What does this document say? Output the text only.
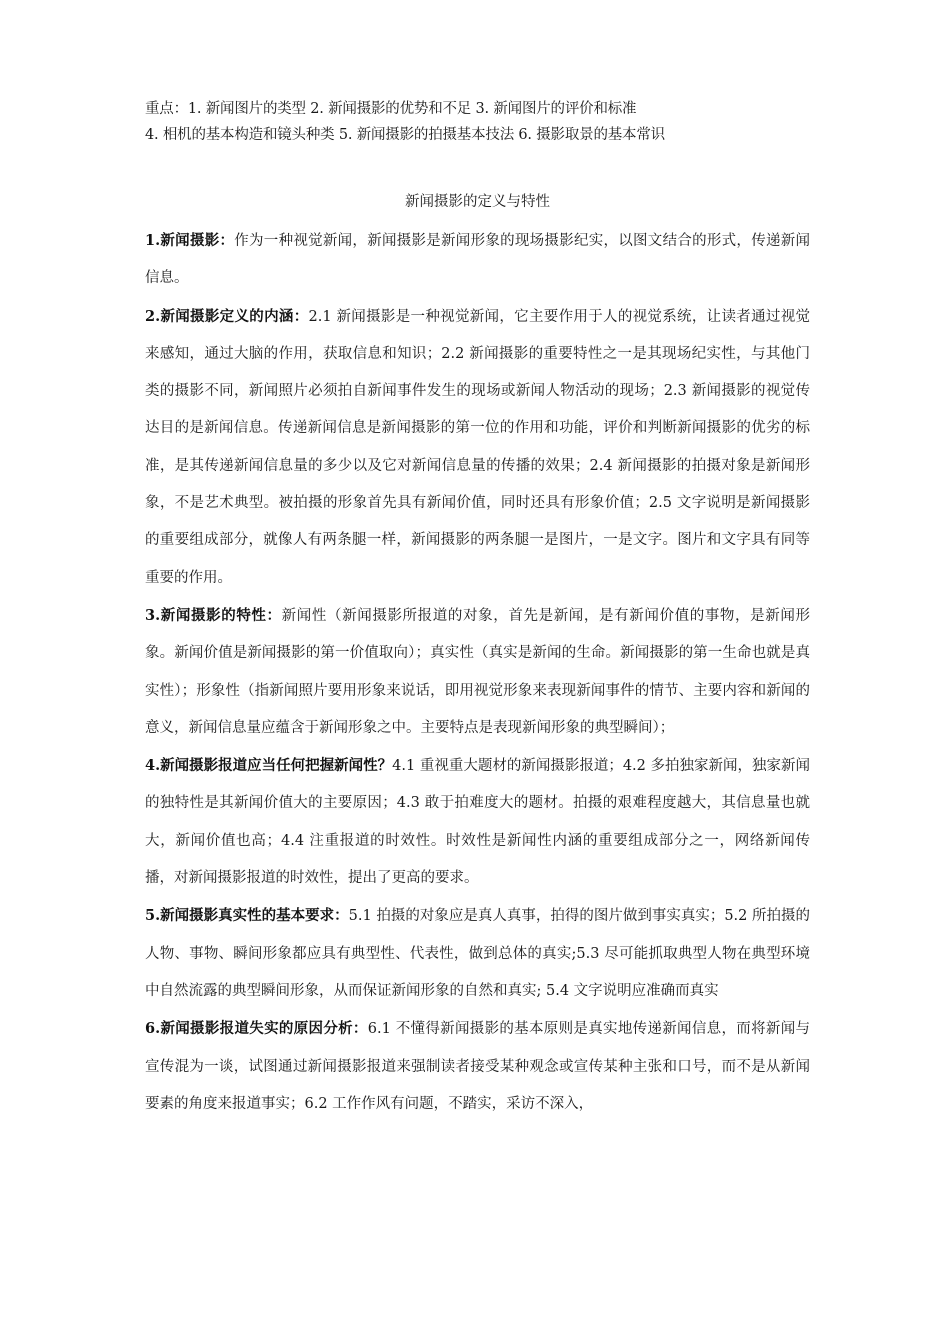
重点：1. 新闻图片的类型 2. 新闻摄影的优势和不足 3. 新闻图片的评价和标准

4. 相机的基本构造和镜头种类 5. 新闻摄影的拍摄基本技法 6. 摄影取景的基本常识

新闻摄影的定义与特性

1.新闻摄影：作为一种视觉新闻，新闻摄影是新闻形象的现场摄影纪实，以图文结合的形式，传递新闻信息。

2.新闻摄影定义的内涵：2.1 新闻摄影是一种视觉新闻，它主要作用于人的视觉系统，让读者通过视觉来感知，通过大脑的作用，获取信息和知识；2.2 新闻摄影的重要特性之一是其现场纪实性，与其他门类的摄影不同，新闻照片必须拍自新闻事件发生的现场或新闻人物活动的现场；2.3 新闻摄影的视觉传达目的是新闻信息。传递新闻信息是新闻摄影的第一位的作用和功能，评价和判断新闻摄影的优劣的标准，是其传递新闻信息量的多少以及它对新闻信息量的传播的效果；2.4 新闻摄影的拍摄对象是新闻形象，不是艺术典型。被拍摄的形象首先具有新闻价值，同时还具有形象价值；2.5 文字说明是新闻摄影的重要组成部分，就像人有两条腿一样，新闻摄影的两条腿一是图片，一是文字。图片和文字具有同等重要的作用。

3.新闻摄影的特性：新闻性（新闻摄影所报道的对象，首先是新闻，是有新闻价值的事物，是新闻形象。新闻价值是新闻摄影的第一价值取向）；真实性（真实是新闻的生命。新闻摄影的第一生命也就是真实性）；形象性（指新闻照片要用形象来说话，即用视觉形象来表现新闻事件的情节、主要内容和新闻的意义，新闻信息量应蕴含于新闻形象之中。主要特点是表现新闻形象的典型瞬间）；

4.新闻摄影报道应当任何把握新闻性？4.1 重视重大题材的新闻摄影报道；4.2 多拍独家新闻，独家新闻的独特性是其新闻价值大的主要原因；4.3 敢于拍难度大的题材。拍摄的艰难程度越大，其信息量也就大，新闻价值也高；4.4 注重报道的时效性。时效性是新闻性内涵的重要组成部分之一，网络新闻传播，对新闻摄影报道的时效性，提出了更高的要求。

5.新闻摄影真实性的基本要求：5.1 拍摄的对象应是真人真事，拍得的图片做到事实真实；5.2 所拍摄的人物、事物、瞬间形象都应具有典型性、代表性，做到总体的真实;5.3 尽可能抓取典型人物在典型环境中自然流露的典型瞬间形象，从而保证新闻形象的自然和真实; 5.4 文字说明应准确而真实

6.新闻摄影报道失实的原因分析：6.1 不懂得新闻摄影的基本原则是真实地传递新闻信息，而将新闻与宣传混为一谈，试图通过新闻摄影报道来强制读者接受某种观念或宣传某种主张和口号，而不是从新闻要素的角度来报道事实；6.2 工作作风有问题，不踏实，采访不深入，
